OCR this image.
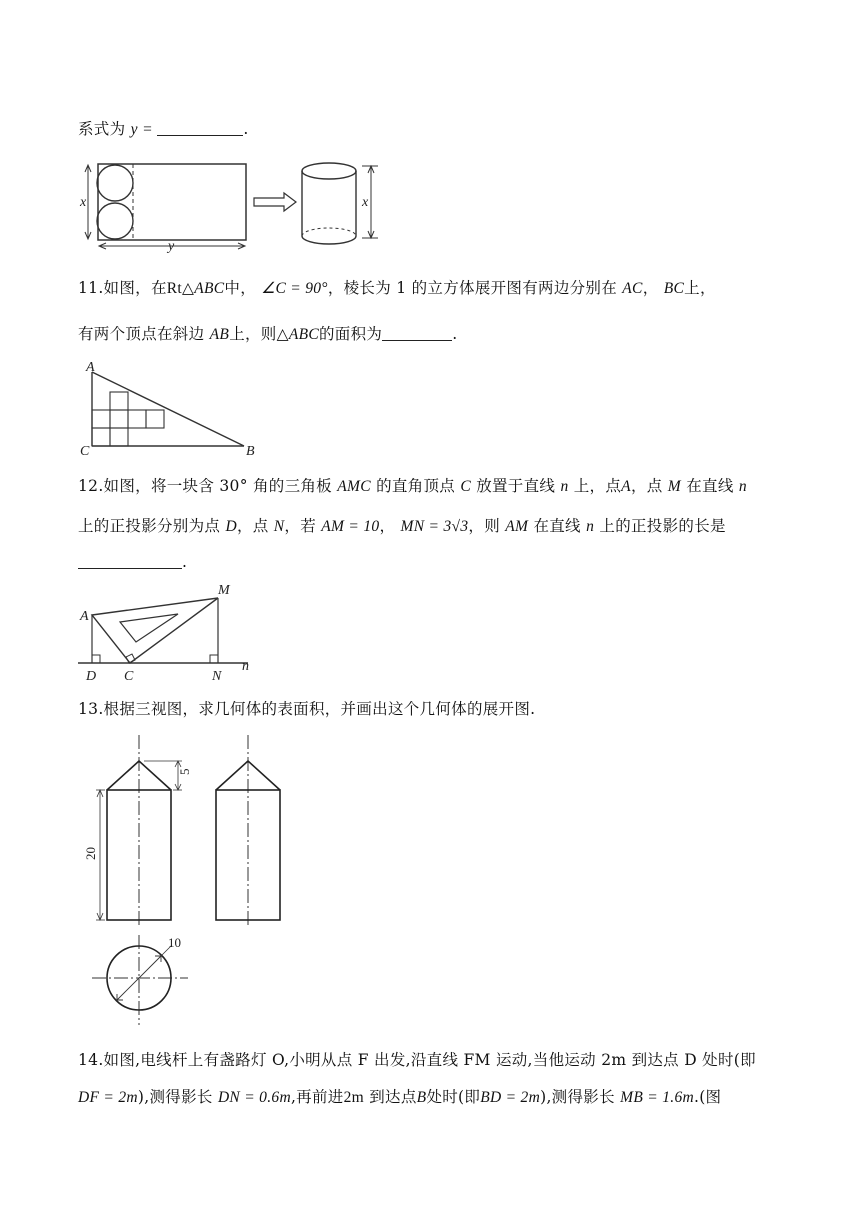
系式为 y =	.
x
y
x
11.如图，在Rt△ABC中， ∠C = 90°，棱长为 1 的立方体展开图有两边分别在 AC， BC上，
有两个顶点在斜边 AB上，则△ABC的面积为	.
A
C	B
12.如图，将一块含 30° 角的三角板 AMC 的直角顶点 C 放置于直线 n 上，点A，点 M 在直线 n
上的正投影分别为点 D，点 N，若 AM = 10， MN = 3√3，则 AM 在直线 n 上的正投影的长是
.
A
M
D C	N
n
13.根据三视图，求几何体的表面积，并画出这个几何体的展开图.
5
20
10
14.如图,电线杆上有盏路灯 O,小明从点 F 出发,沿直线 FM 运动,当他运动 2m 到达点 D 处时(即
DF = 2m),测得影长 DN = 0.6m,再前进2m 到达点B处时(即BD = 2m),测得影长 MB = 1.6m.(图
